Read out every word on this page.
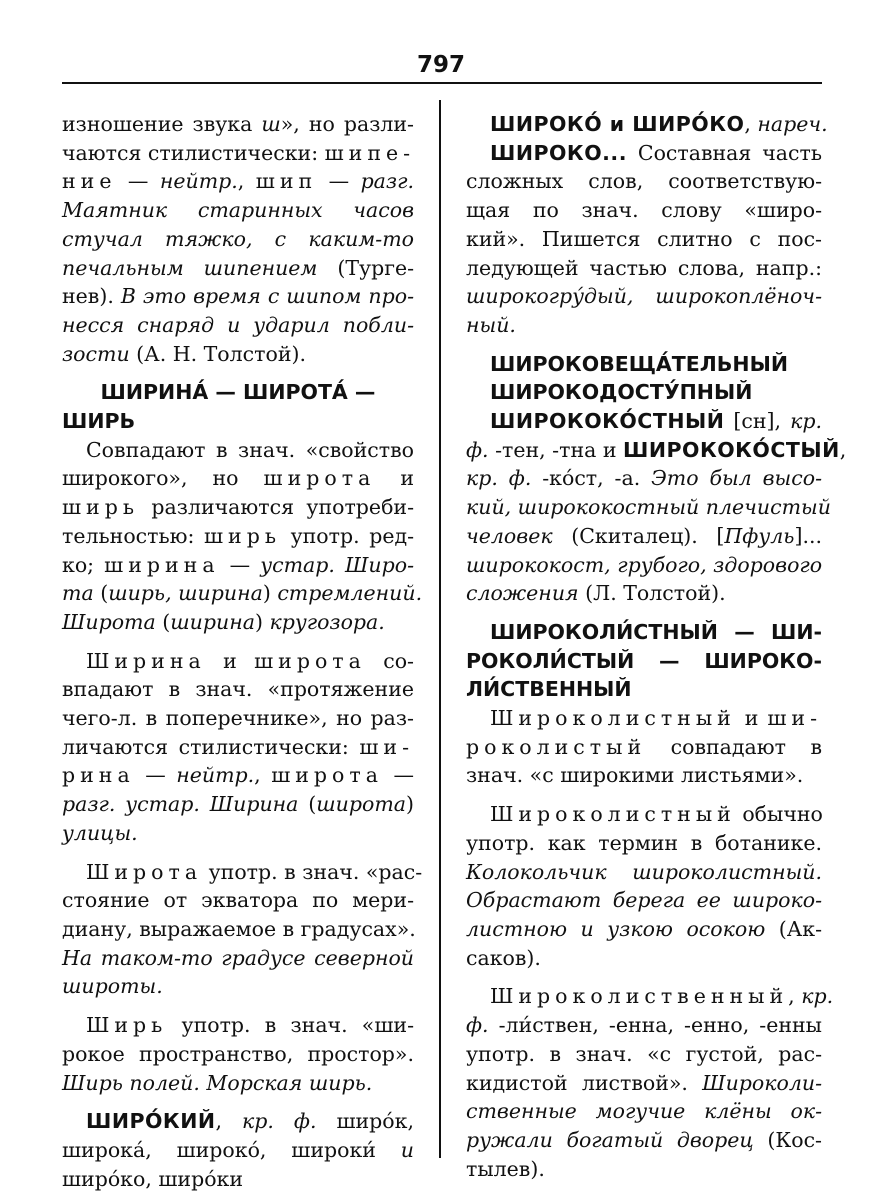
797
изношение звука ш», но разли-
чаются стилистически: шипе-
ние — нейтр., шип — разг.
Маятник старинных часов
стучал тяжко, с каким-то
печальным шипением (Турге-
нев). В это время с шипом про-
несся снаряд и ударил побли-
зости (А. Н. Толстой).
ШИРИНА́ — ШИРОТА́ —
ШИРЬ
Совпадают в знач. «свойство
широкого», но широта и
ширь различаются употреби-
тельностью: ширь употр. ред-
ко; ширина — устар. Широ-
та (ширь, ширина) стремлений.
Широта (ширина) кругозора.
Ширина и широта со-
впадают в знач. «протяжение
чего-л. в поперечнике», но раз-
личаются стилистически: ши-
рина — нейтр., широта —
разг. устар. Ширина (широта)
улицы.
Широта употр. в знач. «рас-
стояние от экватора по мери-
диану, выражаемое в градусах».
На таком-то градусе северной
широты.
Ширь употр. в знач. «ши-
рокое пространство, простор».
Ширь полей. Морская ширь.
ШИРО́КИЙ, кр. ф. широ́к,
широка́, широко́, широки́ и
широ́ко, широ́ки
ШИРОКО́ и ШИРО́КО, нареч.
ШИРОКО... Составная часть
сложных слов, соответствую-
щая по знач. слову «широ-
кий». Пишется слитно с пос-
ледующей частью слова, напр.:
широкогру́дый, широкоплёноч-
ный.
ШИРОКОВЕЩА́ТЕЛЬНЫЙ
ШИРОКОДОСТУ́ПНЫЙ
ШИРОКОКО́СТНЫЙ [сн], кр.
ф. -тен, -тна и ШИРОКОКО́СТЫЙ,
кр. ф. -ко́ст, -а. Это был высо-
кий, ширококостный плечистый
человек (Скиталец). [Пфуль]...
ширококост, грубого, здорового
сложения (Л. Толстой).
ШИРОКОЛИ́СТНЫЙ — ШИ-
РОКОЛИ́СТЫЙ — ШИРОКО-
ЛИ́СТВЕННЫЙ
Широколистный и ши-
роколистый совпадают в
знач. «с широкими листьями».
Широколистный обычно
употр. как термин в ботанике.
Колокольчик широколистный.
Обрастают берега ее широко-
листною и узкою осокою (Ак-
саков).
Широколиственный, кр.
ф. -ли́ствен, -енна, -енно, -енны
употр. в знач. «с густой, рас-
кидистой листвой». Широколи-
ственные могучие клёны ок-
ружали богатый дворец (Кос-
тылев).
